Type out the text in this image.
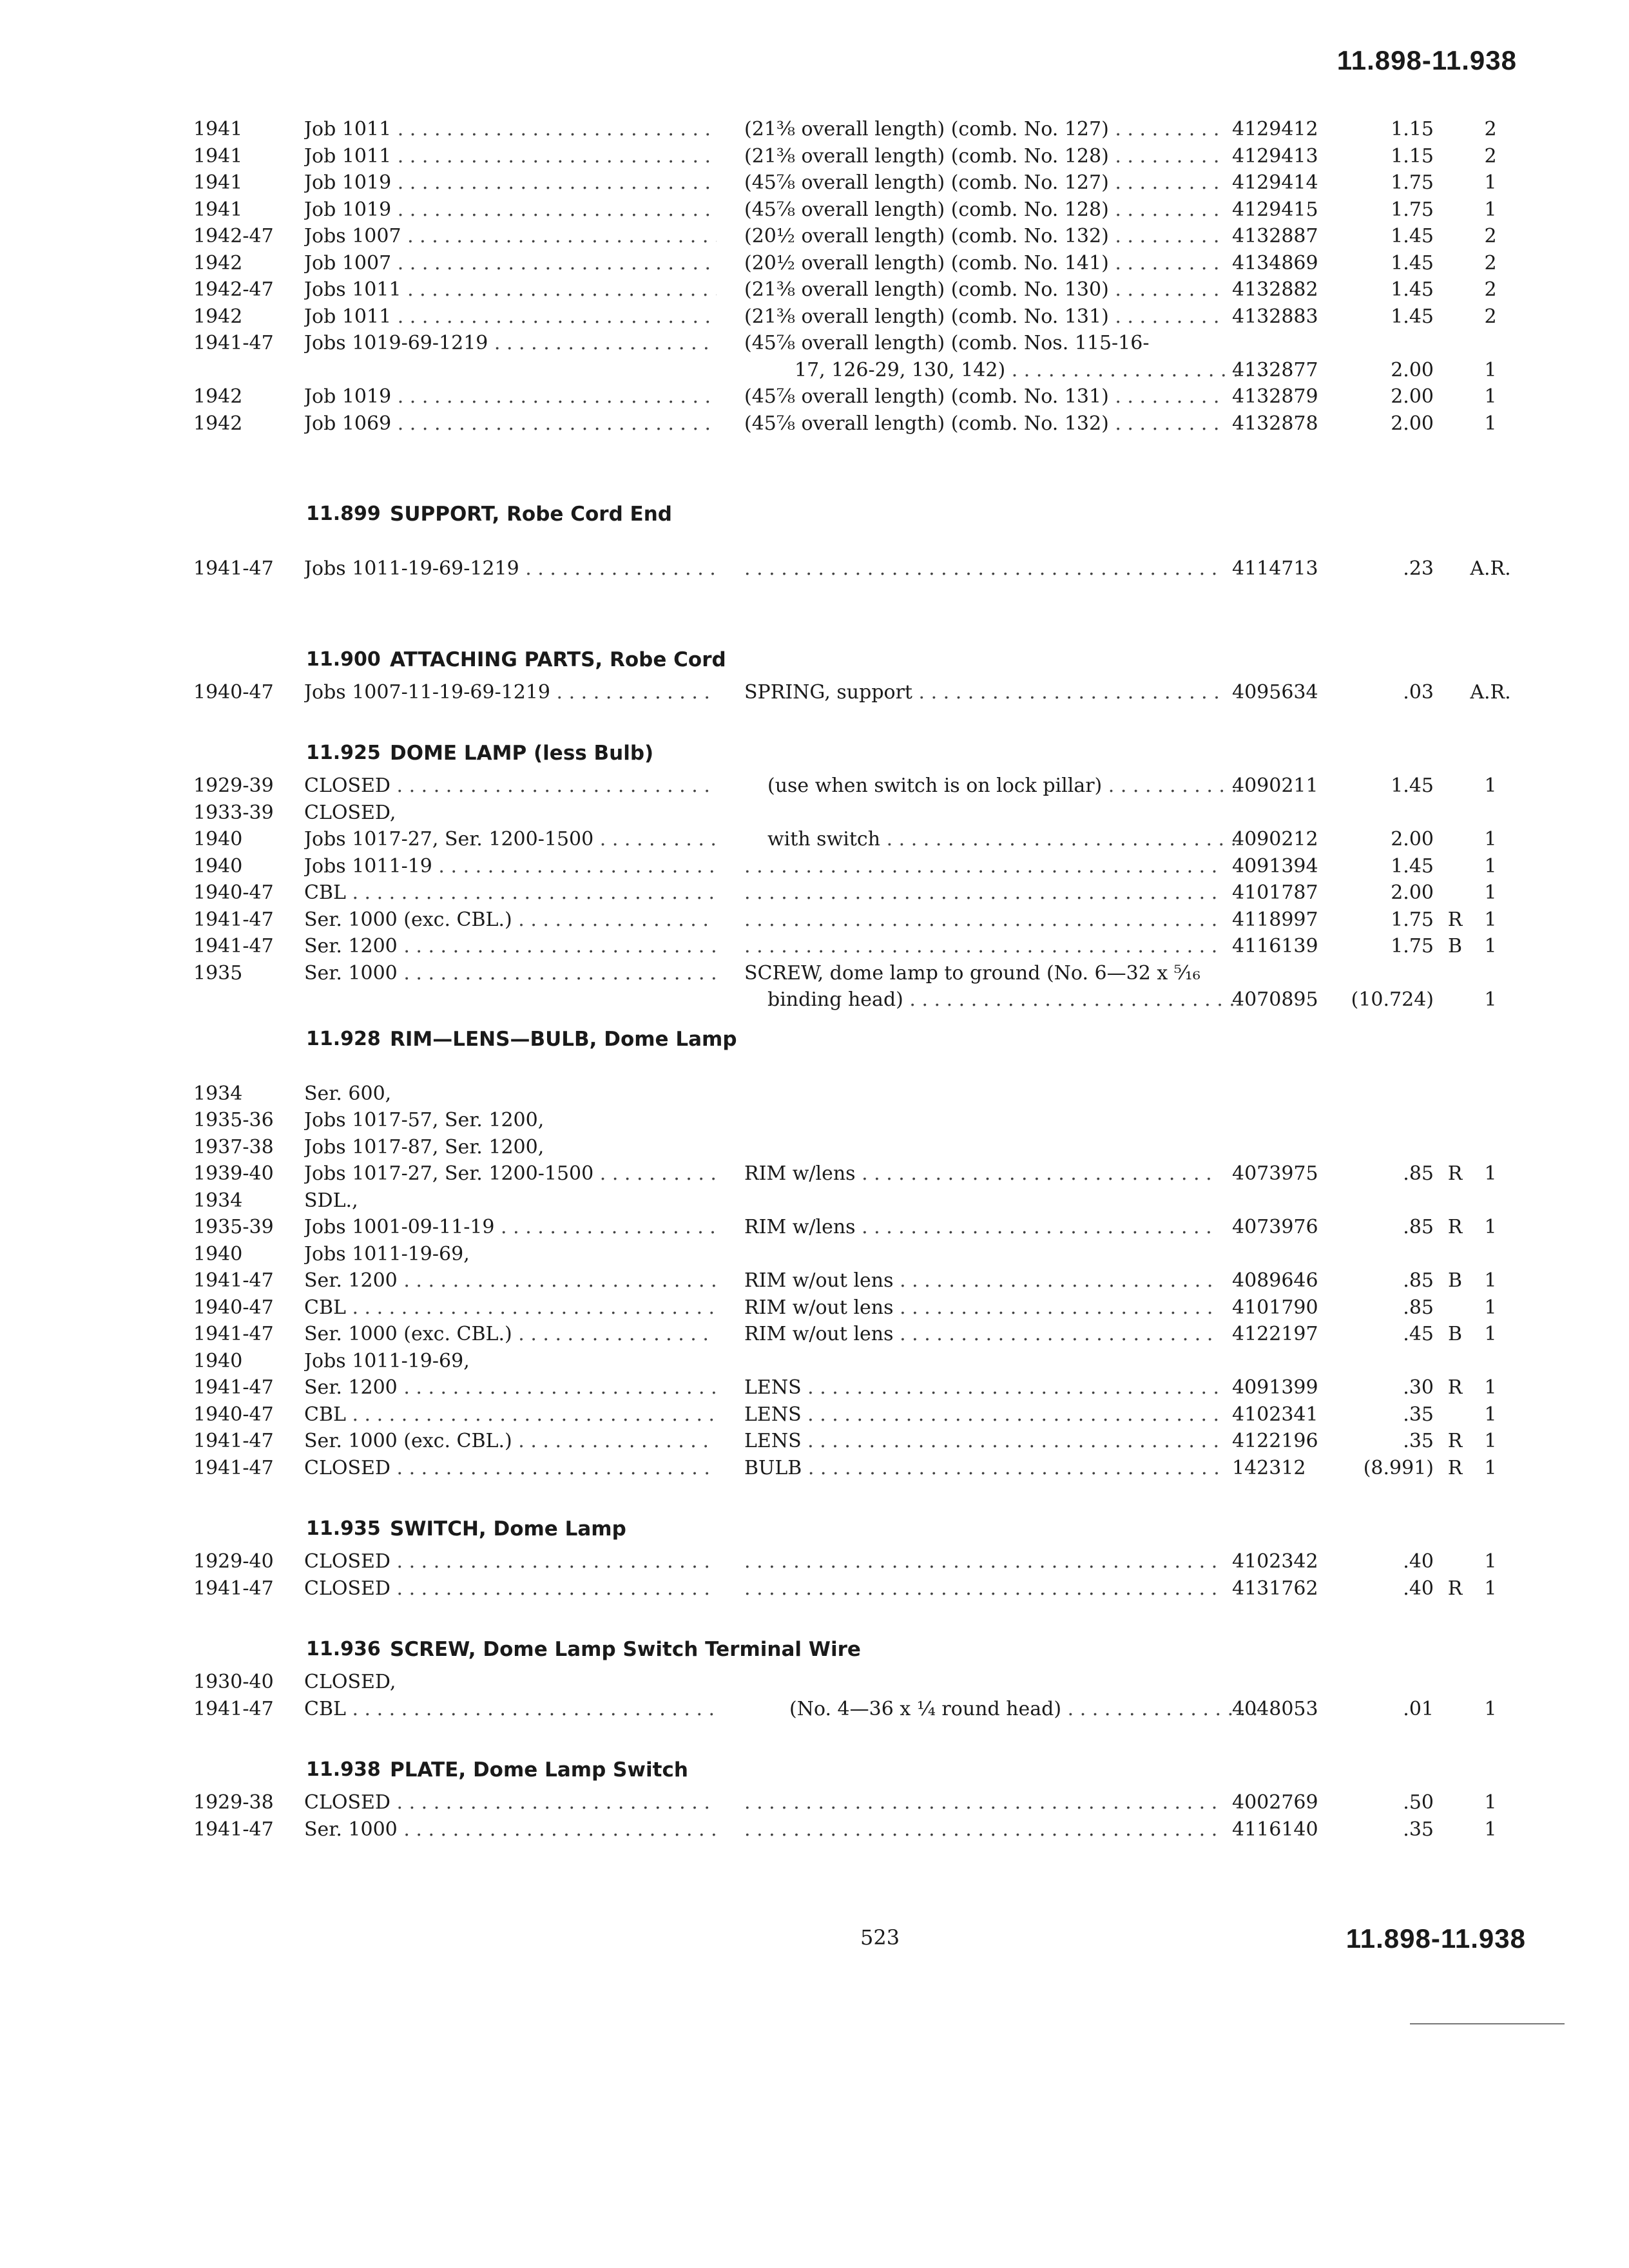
11.898-11.938
1941	Job 1011 . . .	(21⅜ overall length) (comb. No. 127) . . .	4129412	1.15	2
1941	Job 1011 . . .	(21⅜ overall length) (comb. No. 128) . . .	4129413	1.15	2
1941	Job 1019 . . .	(45⅞ overall length) (comb. No. 127) . . .	4129414	1.75	1
1941	Job 1019 . . .	(45⅞ overall length) (comb. No. 128) . . .	4129415	1.75	1
1942-47 Jobs 1007 . . .	(20½ overall length) (comb. No. 132) . . .	4132887	1.45	2
1942	Job 1007 . . .	(20½ overall length) (comb. No. 141) . . .	4134869	1.45	2
1942-47 Jobs 1011 . . .	(21⅜ overall length) (comb. No. 130) . . .	4132882	1.45	2
1942	Job 1011 . . .	(21⅜ overall length) (comb. No. 131) . . .	4132883	1.45	2
1941-47 Jobs 1019-69-1219 . . .	(45⅞ overall length) (comb. Nos. 115-16-
17, 126-29, 130, 142) . . .	4132877	2.00	1
1942	Job 1019 . . .	(45⅞ overall length) (comb. No. 131) . . .	4132879	2.00	1
1942	Job 1069 . . .	(45⅞ overall length) (comb. No. 132) . . .	4132878	2.00	1
11.899 SUPPORT, Robe Cord End
1941-47 Jobs 1011-19-69-1219 . . . . . .	4114713	.23 A.R.
11.900 ATTACHING PARTS, Robe Cord
1940-47 Jobs 1007-11-19-69-1219 . . .	SPRING, support . . .	4095634	.03 A.R.
11.925 DOME LAMP (less Bulb)
1929-39 CLOSED . . .	(use when switch is on lock pillar) . . .	4090211	1.45	1
1933-39 CLOSED,
1940	Jobs 1017-27, Ser. 1200-1500 . . .	with switch . . .	4090212	2.00	1
1940	Jobs 1011-19 . . . . . .	4091394	1.45	1
1940-47 CBL . . . . . .	4101787	2.00	1
1941-47 Ser. 1000 (exc. CBL.) . . . . . .	4118997	1.75 R	1
1941-47 Ser. 1200 . . . . . .	4116139	1.75 B	1
1935	Ser. 1000 . . .	SCREW, dome lamp to ground (No. 6—32 x ⁵⁄₁₆
binding head) . . .	4070895	(10.724)	1
11.928 RIM—LENS—BULB, Dome Lamp
1934	Ser. 600,
1935-36 Jobs 1017-57, Ser. 1200,
1937-38 Jobs 1017-87, Ser. 1200,
1939-40 Jobs 1017-27, Ser. 1200-1500 . . .	RIM w/lens . . .	4073975	.85 R	1
1934	SDL.,
1935-39 Jobs 1001-09-11-19 . . .	RIM w/lens . . .	4073976	.85 R	1
1940	Jobs 1011-19-69,
1941-47 Ser. 1200 . . .	RIM w/out lens . . .	4089646	.85 B	1
1940-47 CBL . . .	RIM w/out lens . . .	4101790	.85	1
1941-47 Ser. 1000 (exc. CBL.) . . .	RIM w/out lens . . .	4122197	.45 B	1
1940	Jobs 1011-19-69,
1941-47 Ser. 1200 . . .	LENS . . .	4091399	.30 R	1
1940-47 CBL . . .	LENS . . .	4102341	.35	1
1941-47 Ser. 1000 (exc. CBL.) . . .	LENS . . .	4122196	.35 R	1
1941-47 CLOSED . . .	BULB . . .	142312	(8.991) R	1
11.935 SWITCH, Dome Lamp
1929-40 CLOSED . . . . . .	4102342	.40	1
1941-47 CLOSED . . . . . .	4131762	.40 R	1
11.936 SCREW, Dome Lamp Switch Terminal Wire
1930-40 CLOSED,
1941-47 CBL . . .	(No. 4—36 x ¼ round head) . . .	4048053	.01	1
11.938 PLATE, Dome Lamp Switch
1929-38 CLOSED . . . . . .	4002769	.50	1
1941-47 Ser. 1000 . . . . . .	4116140	.35	1
523	11.898-11.938
